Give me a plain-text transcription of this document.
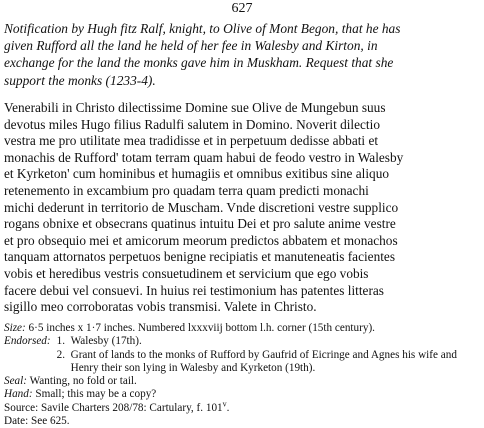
627
Notification by Hugh fitz Ralf, knight, to Olive of Mont Begon, that he has
given Rufford all the land he held of her fee in Walesby and Kirton, in
exchange for the land the monks gave him in Muskham. Request that she
support the monks (1233-4).
Venerabili in Christo dilectissime Domine sue Olive de Mungebun suus
devotus miles Hugo filius Radulfi salutem in Domino. Noverit dilectio
vestra me pro utilitate mea tradidisse et in perpetuum dedisse abbati et
monachis de Rufford' totam terram quam habui de feodo vestro in Walesby
et Kyrketon' cum hominibus et humagiis et omnibus exitibus sine aliquo
retenemento in excambium pro quadam terra quam predicti monachi
michi dederunt in territorio de Muscham. Vnde discretioni vestre supplico
rogans obnixe et obsecrans quatinus intuitu Dei et pro salute anime vestre
et pro obsequio mei et amicorum meorum predictos abbatem et monachos
tanquam attornatos perpetuos benigne recipiatis et manuteneatis facientes
vobis et heredibus vestris consuetudinem et servicium que ego vobis
facere debui vel consuevi. In huius rei testimonium has patentes litteras
sigillo meo corroboratas vobis transmisi. Valete in Christo.
Size: 6·5 inches x 1·7 inches. Numbered lxxxviij bottom l.h. corner (15th century).
Endorsed: 1. Walesby (17th).
2. Grant of lands to the monks of Rufford by Gaufrid of Eicringe and Agnes his wife and Henry their son lying in Walesby and Kyrketon (19th).
Seal: Wanting, no fold or tail.
Hand: Small; this may be a copy?
Source: Savile Charters 208/78: Cartulary, f. 101$^v$.
Date: See 625.
